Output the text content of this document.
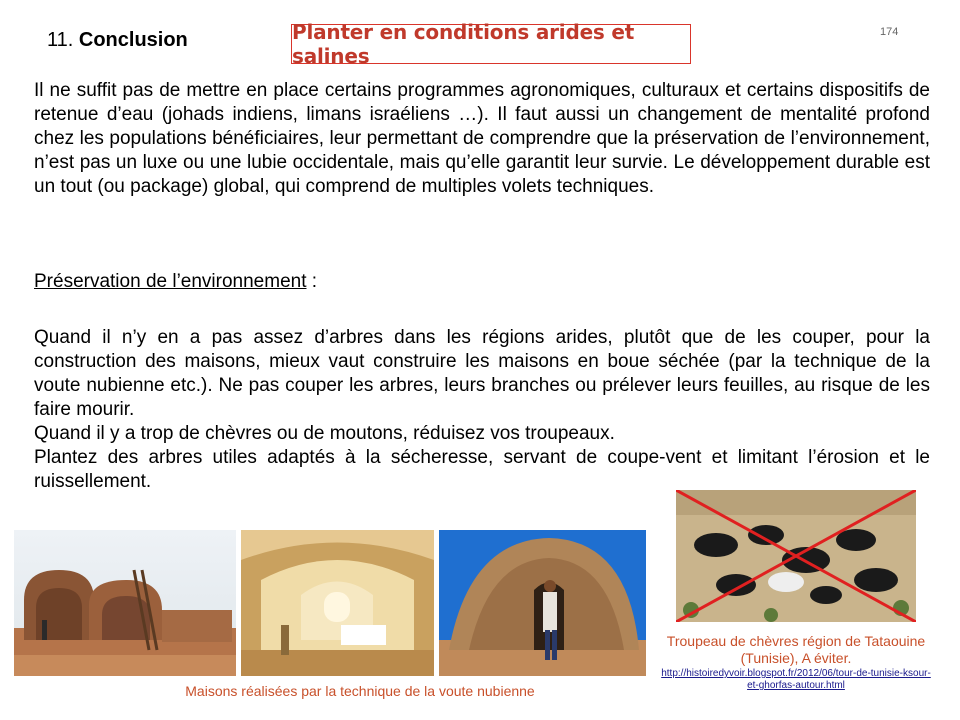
11. Conclusion	Planter en conditions arides et salines
174
Il ne suffit pas de mettre en place certains programmes agronomiques, culturaux et certains dispositifs de retenue d’eau (johads indiens, limans israéliens …). Il faut aussi un changement de mentalité profond chez les populations bénéficiaires, leur permettant de comprendre que la préservation de l’environnement, n’est pas un luxe ou une lubie occidentale, mais qu’elle garantit leur survie. Le développement durable est un tout (ou package) global, qui comprend de multiples volets techniques.
Préservation de l’environnement :
Quand il n’y en a pas assez d’arbres dans les régions arides, plutôt que de les couper, pour la construction des maisons, mieux vaut construire les maisons en boue séchée (par la technique de la voute nubienne etc.). Ne pas couper les arbres, leurs branches ou prélever leurs feuilles, au risque de les faire mourir.
Quand il y a trop de chèvres ou de moutons, réduisez vos troupeaux.
Plantez des arbres utiles adaptés à la sécheresse, servant de coupe-vent et limitant l’érosion et le ruissellement.
Maisons réalisées par la technique de la voute nubienne
Troupeau de chèvres région de Tataouine (Tunisie), A éviter.
http://histoiredyvoir.blogspot.fr/2012/06/tour-de-tunisie-ksour-et-ghorfas-autour.html
